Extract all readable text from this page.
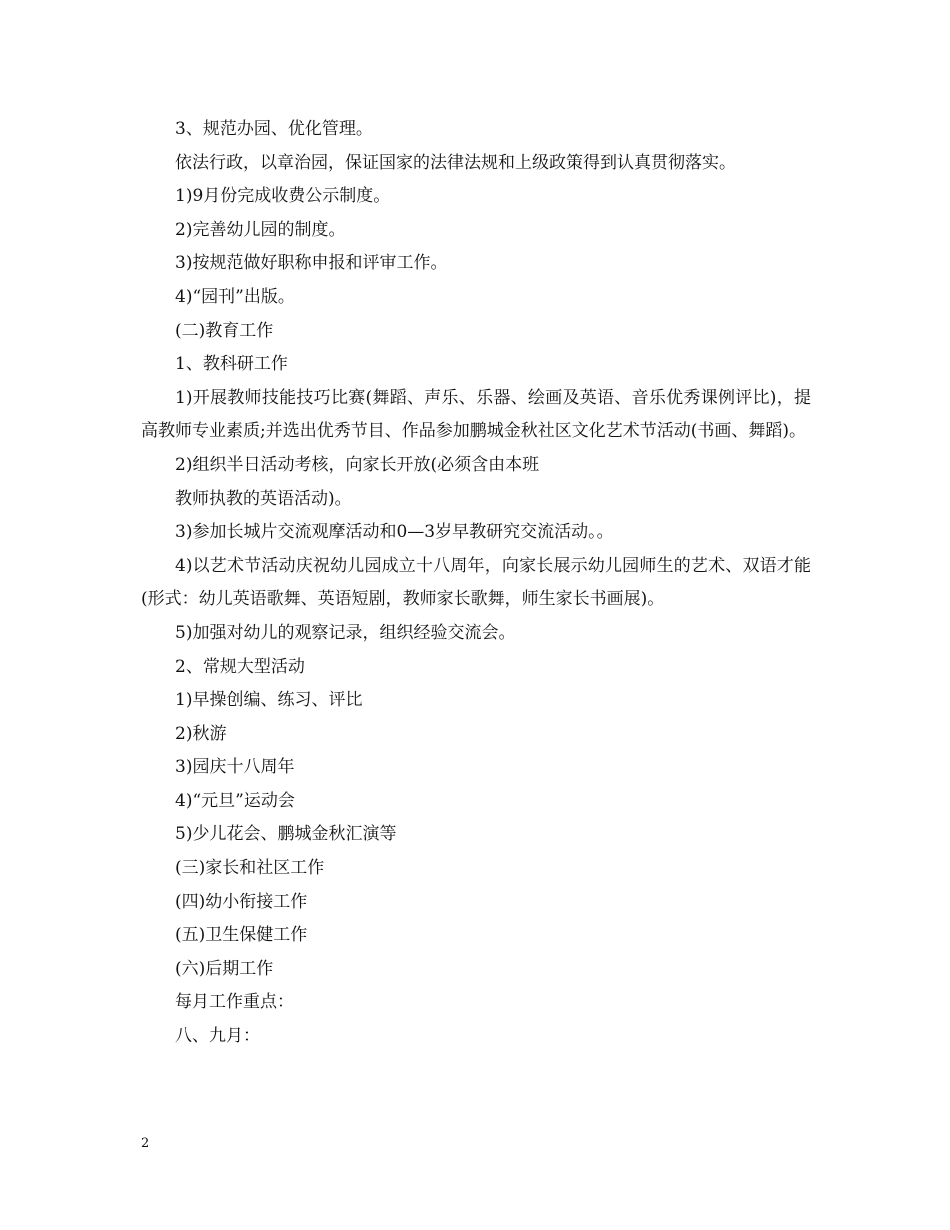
3、规范办园、优化管理。

依法行政，以章治园，保证国家的法律法规和上级政策得到认真贯彻落实。

1)9月份完成收费公示制度。

2)完善幼儿园的制度。

3)按规范做好职称申报和评审工作。

4)“园刊”出版。

(二)教育工作

1、教科研工作

1)开展教师技能技巧比赛(舞蹈、声乐、乐器、绘画及英语、音乐优秀课例评比)，提高教师专业素质;并选出优秀节目、作品参加鹏城金秋社区文化艺术节活动(书画、舞蹈)。

2)组织半日活动考核，向家长开放(必须含由本班

教师执教的英语活动)。

3)参加长城片交流观摩活动和0—3岁早教研究交流活动。。

4)以艺术节活动庆祝幼儿园成立十八周年，向家长展示幼儿园师生的艺术、双语才能(形式：幼儿英语歌舞、英语短剧，教师家长歌舞，师生家长书画展)。

5)加强对幼儿的观察记录，组织经验交流会。

2、常规大型活动

1)早操创编、练习、评比

2)秋游

3)园庆十八周年

4)“元旦”运动会

5)少儿花会、鹏城金秋汇演等

(三)家长和社区工作

(四)幼小衔接工作

(五)卫生保健工作

(六)后期工作

每月工作重点：

八、九月：

2
